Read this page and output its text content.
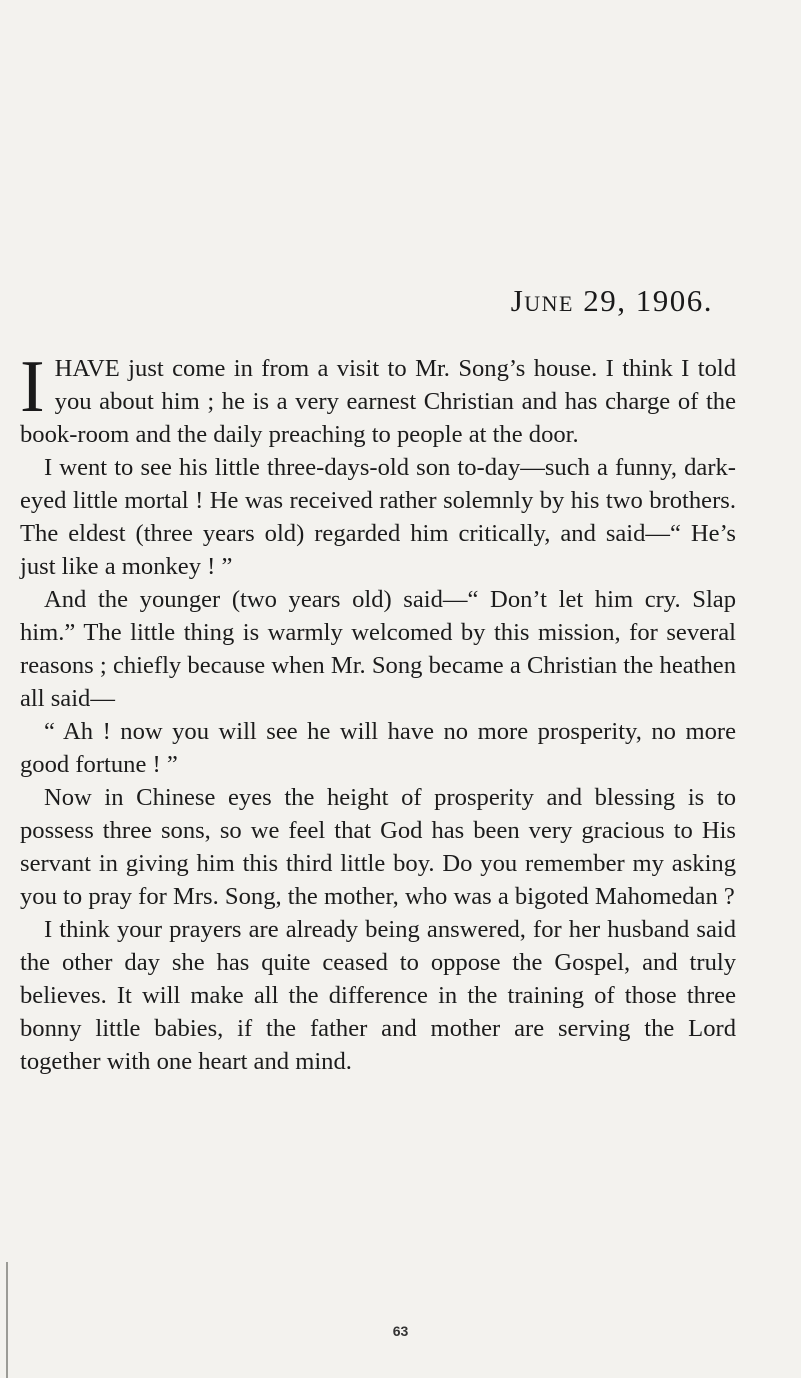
June 29, 1906.

IHAVE just come in from a visit to Mr. Song’s house. I think I told you about him ; he is a very earnest Christian and has charge of the book-room and the daily preaching to people at the door.

I went to see his little three-days-old son to-day—such a funny, dark-eyed little mortal ! He was received rather solemnly by his two brothers. The eldest (three years old) regarded him critically, and said—“ He’s just like a monkey ! ”

And the younger (two years old) said—“ Don’t let him cry. Slap him.” The little thing is warmly welcomed by this mission, for several reasons ; chiefly because when Mr. Song became a Christian the heathen all said—

“ Ah ! now you will see he will have no more prosperity, no more good fortune ! ”

Now in Chinese eyes the height of prosperity and blessing is to possess three sons, so we feel that God has been very gracious to His servant in giving him this third little boy. Do you remember my asking you to pray for Mrs. Song, the mother, who was a bigoted Mahomedan ?

I think your prayers are already being answered, for her husband said the other day she has quite ceased to oppose the Gospel, and truly believes. It will make all the difference in the training of those three bonny little babies, if the father and mother are serving the Lord together with one heart and mind.

63
